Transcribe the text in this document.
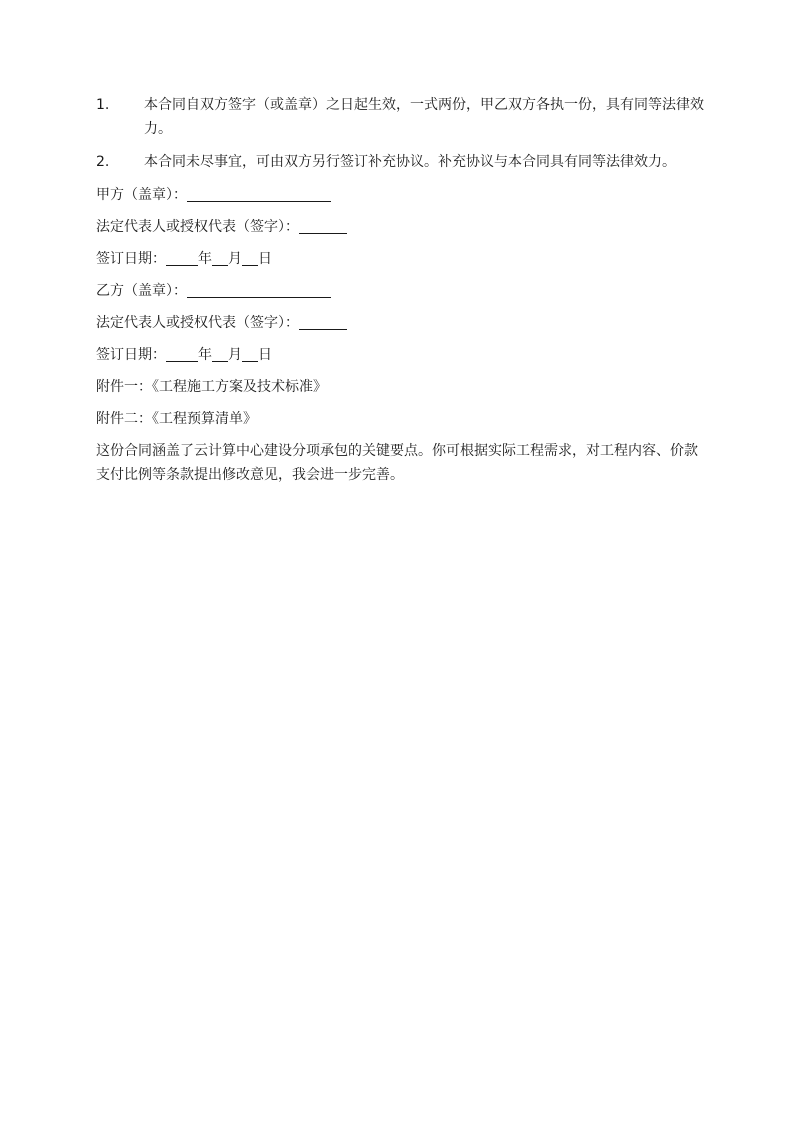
1. 本合同自双方签字（或盖章）之日起生效，一式两份，甲乙双方各执一份，具有同等法律效力。
2. 本合同未尽事宜，可由双方另行签订补充协议。补充协议与本合同具有同等法律效力。
甲方（盖章）：
法定代表人或授权代表（签字）：
签订日期： 年 月 日
乙方（盖章）：
法定代表人或授权代表（签字）：
签订日期： 年 月 日
附件一：《工程施工方案及技术标准》
附件二：《工程预算清单》
这份合同涵盖了云计算中心建设分项承包的关键要点。你可根据实际工程需求，对工程内容、价款支付比例等条款提出修改意见，我会进一步完善。
